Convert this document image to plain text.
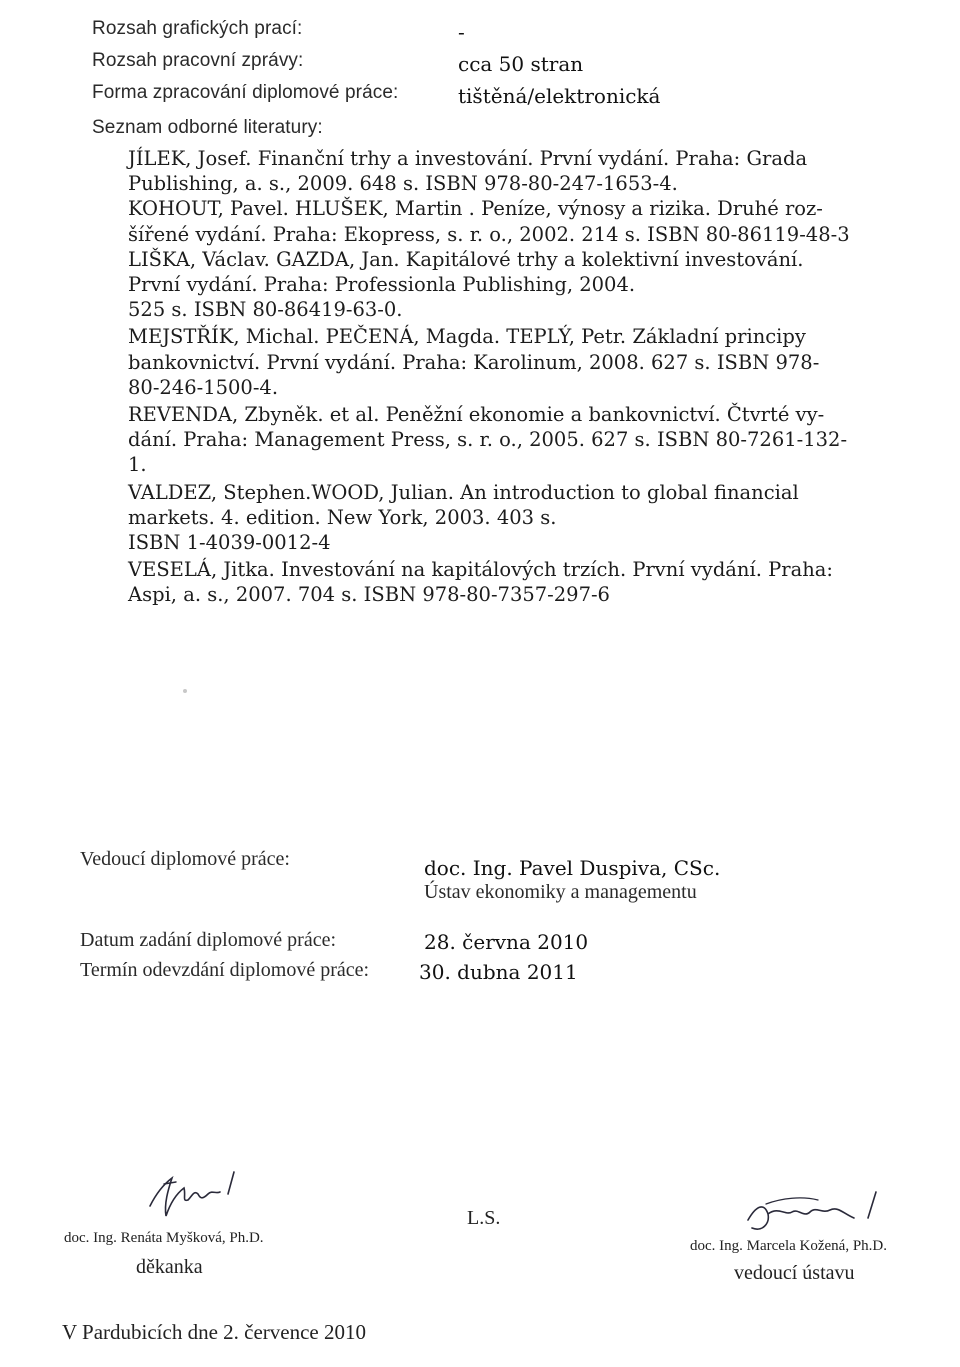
Rozsah grafických prací:	-
Rozsah pracovní zprávy:	cca 50 stran
Forma zpracování diplomové práce:	tištěná/elektronická
Seznam odborné literatury:
JÍLEK, Josef. Finanční trhy a investování. První vydání. Praha: Grada
Publishing, a. s., 2009. 648 s. ISBN 978-80-247-1653-4.
KOHOUT, Pavel. HLUŠEK, Martin . Peníze, výnosy a rizika. Druhé roz-
šířené vydání. Praha: Ekopress, s. r. o., 2002. 214 s. ISBN 80-86119-48-3
LIŠKA, Václav. GAZDA, Jan. Kapitálové trhy a kolektivní investování.
První vydání. Praha: Professionla Publishing, 2004.
525 s. ISBN 80-86419-63-0.
MEJSTŘÍK, Michal. PEČENÁ, Magda. TEPLÝ, Petr. Základní principy
bankovnictví. První vydání. Praha: Karolinum, 2008. 627 s. ISBN 978-
80-246-1500-4.
REVENDA, Zbyněk. et al. Peněžní ekonomie a bankovnictví. Čtvrté vy-
dání. Praha: Management Press, s. r. o., 2005. 627 s. ISBN 80-7261-132-
1.
VALDEZ, Stephen.WOOD, Julian. An introduction to global financial
markets. 4. edition. New York, 2003. 403 s.
ISBN 1-4039-0012-4
VESELÁ, Jitka. Investování na kapitálových trzích. První vydání. Praha:
Aspi, a. s., 2007. 704 s. ISBN 978-80-7357-297-6
Vedoucí diplomové práce:	doc. Ing. Pavel Duspiva, CSc.
Ústav ekonomiky a managementu
Datum zadání diplomové práce:	28. června 2010
Termín odevzdání diplomové práce: 30. dubna 2011
doc. Ing. Renáta Myšková, Ph.D.
děkanka
L.S.
doc. Ing. Marcela Kožená, Ph.D.
vedoucí ústavu
V Pardubicích dne 2. července 2010
